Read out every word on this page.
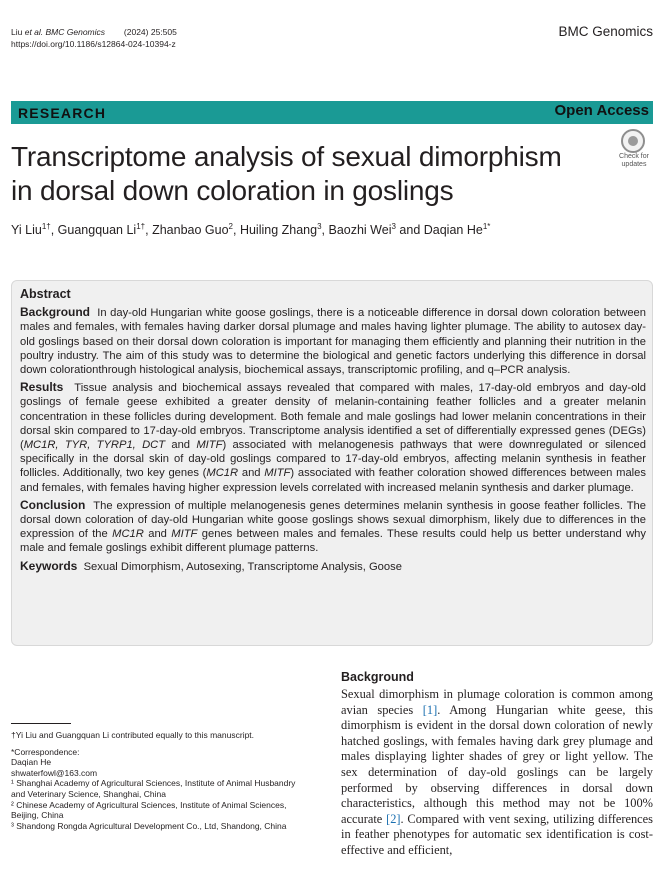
Liu et al. BMC Genomics        (2024) 25:505
https://doi.org/10.1186/s12864-024-10394-z
BMC Genomics
RESEARCH	Open Access
Transcriptome analysis of sexual dimorphism
in dorsal down coloration in goslings
Check for
updates
Yi Liu$^{1\dagger}$, Guangquan $Li^{1\dagger}$, Zhanbao Guo$^2$, Huiling Zhang$^3$, Baozhi Wei$^3$ and Daqian $He^{1*}$
Abstract

Background In day-old Hungarian white goose goslings, there is a noticeable difference in dorsal down coloration between males and females, with females having darker dorsal plumage and males having lighter plumage. The ability to autosex day-old goslings based on their dorsal down coloration is important for managing them efficiently and planning their nutrition in the poultry industry. The aim of this study was to determine the biological and genetic factors underlying this difference in dorsal down colorationthrough histological analysis, biochemical assays, transcriptomic profiling, and q–PCR analysis.

Results Tissue analysis and biochemical assays revealed that compared with males, 17-day-old embryos and day-old goslings of female geese exhibited a greater density of melanin-containing feather follicles and a greater melanin concentration in these follicles during development. Both female and male goslings had lower melanin concentrations in their dorsal skin compared to 17-day-old embryos. Transcriptome analysis identified a set of differentially expressed genes (DEGs) (MC1R, TYR, TYRP1, DCT and MITF) associated with melanogenesis pathways that were downregulated or silenced specifically in the dorsal skin of day-old goslings compared to 17-day-old embryos, affecting melanin synthesis in feather follicles. Additionally, two key genes (MC1R and MITF) associated with feather coloration showed differences between males and females, with females having higher expression levels correlated with increased melanin synthesis and darker plumage.

Conclusion The expression of multiple melanogenesis genes determines melanin synthesis in goose feather follicles. The dorsal down coloration of day-old Hungarian white goose goslings shows sexual dimorphism, likely due to differences in the expression of the MC1R and MITF genes between males and females. These results could help us better understand why male and female goslings exhibit different plumage patterns.

Keywords Sexual Dimorphism, Autosexing, Transcriptome Analysis, Goose

†Yi Liu and Guangquan Li contributed equally to this manuscript.

*Correspondence:
Daqian He
shwaterfowl@163.com
¹ Shanghai Academy of Agricultural Sciences, Institute of Animal Husbandry and Veterinary Science, Shanghai, China
² Chinese Academy of Agricultural Sciences, Institute of Animal Sciences, Beijing, China
³ Shandong Rongda Agricultural Development Co., Ltd, Shandong, China

Background

Sexual dimorphism in plumage coloration is common among avian species [1]. Among Hungarian white geese, this dimorphism is evident in the dorsal down coloration of newly hatched goslings, with females having dark grey plumage and males displaying lighter shades of grey or light yellow. The sex determination of day-old goslings can be largely performed by observing differences in dorsal down characteristics, although this method may not be 100% accurate [2]. Compared with vent sexing, utilizing differences in feather phenotypes for automatic sex identification is cost-effective and efficient,
